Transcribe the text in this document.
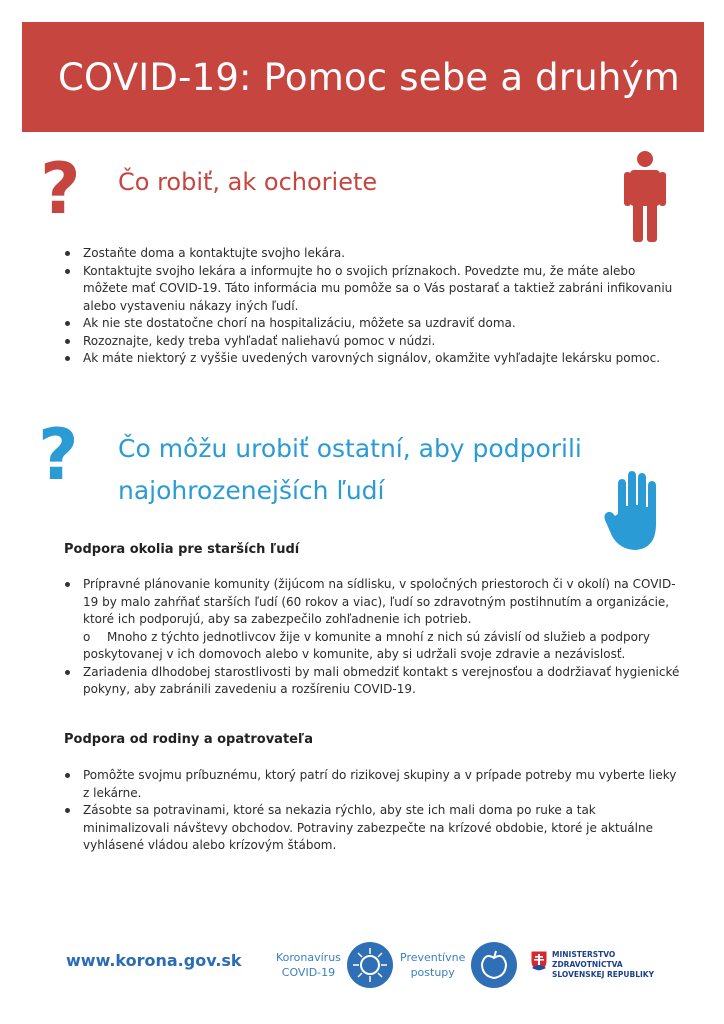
COVID-19: Pomoc sebe a druhým
? Čo robiť, ak ochoriete
Zostaňte doma a kontaktujte svojho lekára.
Kontaktujte svojho lekára a informujte ho o svojich príznakoch. Povedzte mu, že máte alebo môžete mať COVID-19. Táto informácia mu pomôže sa o Vás postarať a taktiež zabráni infikovaniu alebo vystaveniu nákazy iných ľudí.
Ak nie ste dostatočne chorí na hospitalizáciu, môžete sa uzdraviť doma.
Rozoznajte, kedy treba vyhľadať naliehavú pomoc v núdzi.
Ak máte niektorý z vyššie uvedených varovných signálov, okamžite vyhľadajte lekársku pomoc.
? Čo môžu urobiť ostatní, aby podporili
najohrozenejších ľudí
Podpora okolia pre starších ľudí
Prípravné plánovanie komunity (žijúcom na sídlisku, v spoločných priestoroch či v okolí) na COVID-19 by malo zahŕňať starších ľudí (60 rokov a viac), ľudí so zdravotným postihnutím a organizácie, ktoré ich podporujú, aby sa zabezpečilo zohľadnenie ich potrieb.
o Mnoho z týchto jednotlivcov žije v komunite a mnohí z nich sú závislí od služieb a podpory poskytovanej v ich domovoch alebo v komunite, aby si udržali svoje zdravie a nezávislosť.
Zariadenia dlhodobej starostlivosti by mali obmedziť kontakt s verejnosťou a dodržiavať hygienické pokyny, aby zabránili zavedeniu a rozšíreniu COVID-19.
Podpora od rodiny a opatrovateľa
Pomôžte svojmu príbuznému, ktorý patrí do rizikovej skupiny a v prípade potreby mu vyberte lieky z lekárne.
Zásobte sa potravinami, ktoré sa nekazia rýchlo, aby ste ich mali doma po ruke a tak minimalizovali návštevy obchodov. Potraviny zabezpečte na krízové obdobie, ktoré je aktuálne vyhlásené vládou alebo krízovým štábom.
www.korona.gov.sk	Koronavírus
COVID-19
Preventívne
postupy
MINISTERSTVO
ZDRAVOTNÍCTVA
SLOVENSKEJ REPUBLIKY
